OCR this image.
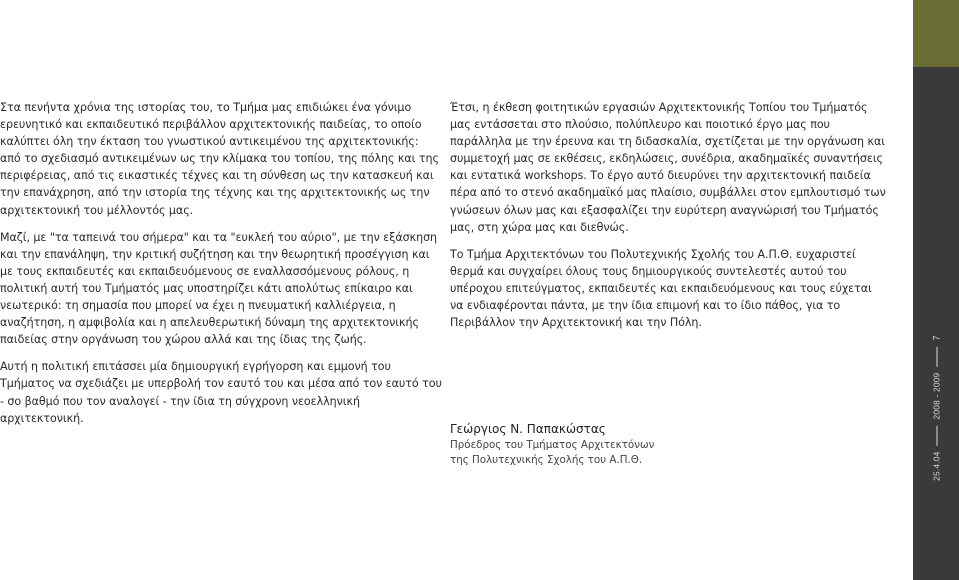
Στα πενήντα χρόνια της ιστορίας του, το Τμήμα μας επιδιώκει ένα γόνιμο ερευνητικό και εκπαιδευτικό περιβάλλον αρχιτεκτονικής παιδείας, το οποίο καλύπτει όλη την έκταση του γνωστικού αντικειμένου της αρχιτεκτονικής: από το σχεδιασμό αντικειμένων ως την κλίμακα του τοπίου, της πόλης και της περιφέρειας, από τις εικαστικές τέχνες και τη σύνθεση ως την κατασκευή και την επανάχρηση, από την ιστορία της τέχνης και της αρχιτεκτονικής ως την αρχιτεκτονική του μέλλοντός μας.

Μαζί, με "τα ταπεινά του σήμερα" και τα "ευκλεή του αύριο", με την εξάσκηση και την επανάληψη, την κριτική συζήτηση και την θεωρητική προσέγγιση και με τους εκπαιδευτές και εκπαιδευόμενους σε εναλλασσόμενους ρόλους, η πολιτική αυτή του Τμήματός μας υποστηρίζει κάτι απολύτως επίκαιρο και νεωτερικό: τη σημασία που μπορεί να έχει η πνευματική καλλιέργεια, η αναζήτηση, η αμφιβολία και η απελευθερωτική δύναμη της αρχιτεκτονικής παιδείας στην οργάνωση του χώρου αλλά και της ίδιας της ζωής.

Αυτή η πολιτική επιτάσσει μία δημιουργική εγρήγορση και εμμονή του Τμήματος να σχεδιάζει με υπερβολή τον εαυτό του και μέσα από τον εαυτό του - σο βαθμό που τον αναλογεί - την ίδια τη σύγχρονη νεοελληνική αρχιτεκτονική.

Έτσι, η έκθεση φοιτητικών εργασιών Αρχιτεκτονικής Τοπίου του Τμήματός μας εντάσσεται στο πλούσιο, πολύπλευρο και ποιοτικό έργο μας που παράλληλα με την έρευνα και τη διδασκαλία, σχετίζεται με την οργάνωση και συμμετοχή μας σε εκθέσεις, εκδηλώσεις, συνέδρια, ακαδημαϊκές συναντήσεις και εντατικά workshops. Το έργο αυτό διευρύνει την αρχιτεκτονική παιδεία πέρα από το στενό ακαδημαϊκό μας πλαίσιο, συμβάλλει στον εμπλουτισμό των γνώσεων όλων μας και εξασφαλίζει την ευρύτερη αναγνώρισή του Τμήματός μας, στη χώρα μας και διεθνώς.

Το Τμήμα Αρχιτεκτόνων του Πολυτεχνικής Σχολής του Α.Π.Θ. ευχαριστεί θερμά και συγχαίρει όλους τους δημιουργικούς συντελεστές αυτού του υπέροχου επιτεύγματος, εκπαιδευτές και εκπαιδευόμενους και τους εύχεται να ενδιαφέρονται πάντα, με την ίδια επιμονή και το ίδιο πάθος, για το Περιβάλλον την Αρχιτεκτονική και την Πόλη.

Γεώργιος Ν. Παπακώστας
Πρόεδρος του Τμήματος Αρχιτεκτόνων
της Πολυτεχνικής Σχολής του Α.Π.Θ.	25.4.042008 - 20097
